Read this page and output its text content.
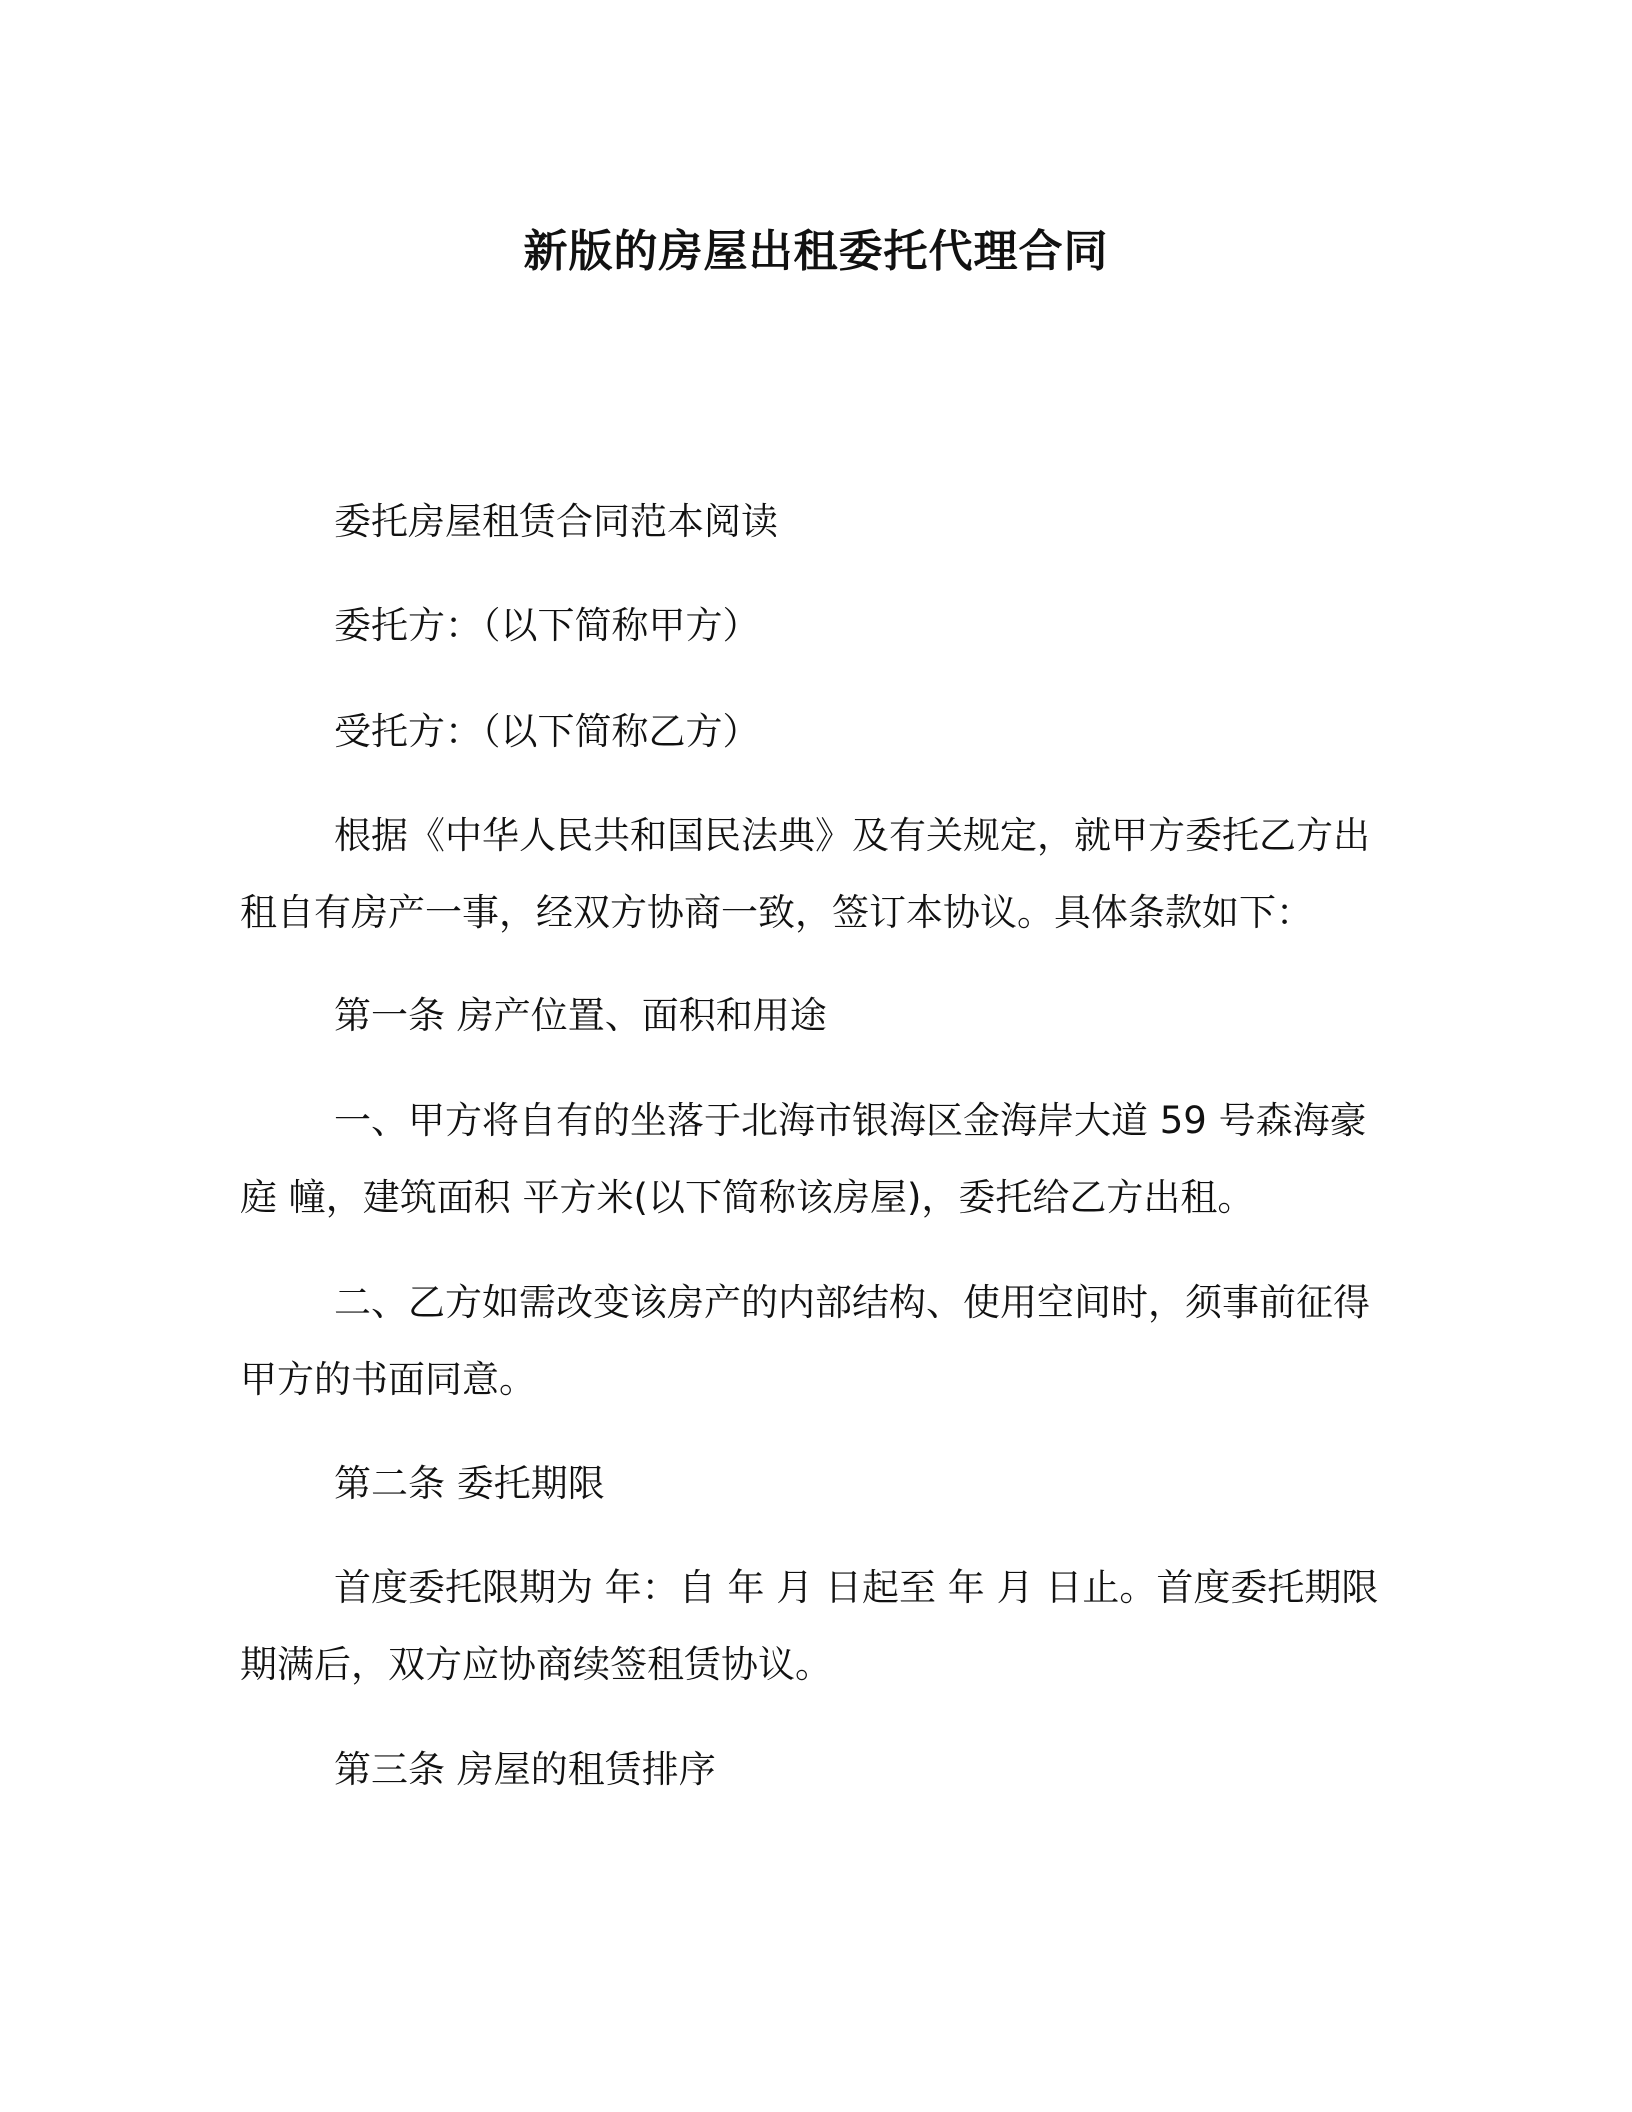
新版的房屋出租委托代理合同
委托房屋租赁合同范本阅读
委托方：（以下简称甲方）
受托方：（以下简称乙方）
根据《中华人民共和国民法典》及有关规定，就甲方委托乙方出
租自有房产一事，经双方协商一致，签订本协议。具体条款如下：
第一条 房产位置、面积和用途
一、甲方将自有的坐落于北海市银海区金海岸大道 59 号森海豪
庭 幢，建筑面积 平方米(以下简称该房屋)，委托给乙方出租。
二、乙方如需改变该房产的内部结构、使用空间时，须事前征得
甲方的书面同意。
第二条 委托期限
首度委托限期为 年：自 年 月 日起至 年 月 日止。首度委托期限
期满后，双方应协商续签租赁协议。
第三条 房屋的租赁排序
